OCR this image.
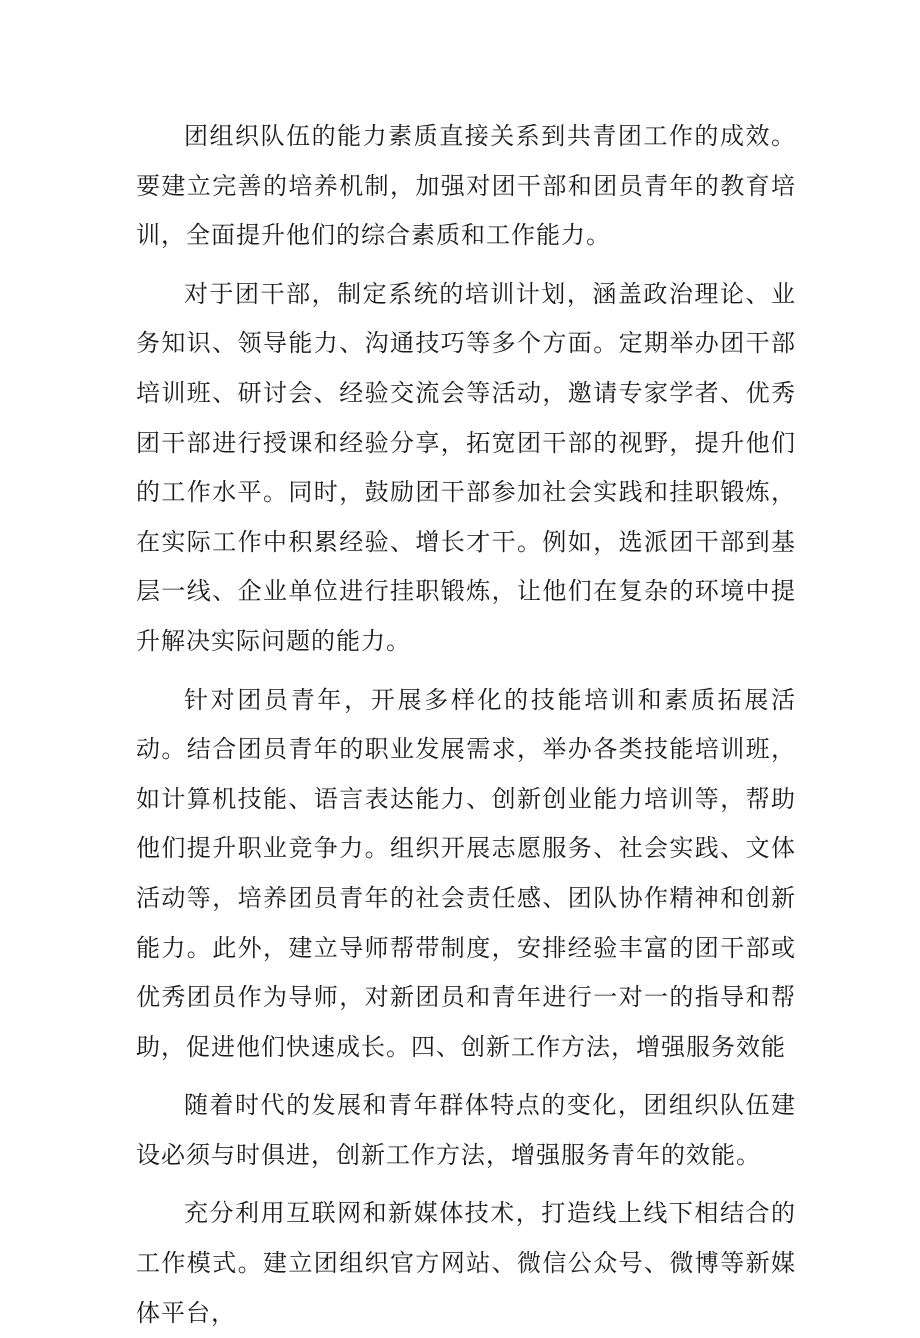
团组织队伍的能力素质直接关系到共青团工作的成效。要建立完善的培养机制，加强对团干部和团员青年的教育培训，全面提升他们的综合素质和工作能力。

对于团干部，制定系统的培训计划，涵盖政治理论、业务知识、领导能力、沟通技巧等多个方面。定期举办团干部培训班、研讨会、经验交流会等活动，邀请专家学者、优秀团干部进行授课和经验分享，拓宽团干部的视野，提升他们的工作水平。同时，鼓励团干部参加社会实践和挂职锻炼，在实际工作中积累经验、增长才干。例如，选派团干部到基层一线、企业单位进行挂职锻炼，让他们在复杂的环境中提升解决实际问题的能力。

针对团员青年，开展多样化的技能培训和素质拓展活动。结合团员青年的职业发展需求，举办各类技能培训班，如计算机技能、语言表达能力、创新创业能力培训等，帮助他们提升职业竞争力。组织开展志愿服务、社会实践、文体活动等，培养团员青年的社会责任感、团队协作精神和创新能力。此外，建立导师帮带制度，安排经验丰富的团干部或优秀团员作为导师，对新团员和青年进行一对一的指导和帮助，促进他们快速成长。四、创新工作方法，增强服务效能

随着时代的发展和青年群体特点的变化，团组织队伍建设必须与时俱进，创新工作方法，增强服务青年的效能。

充分利用互联网和新媒体技术，打造线上线下相结合的工作模式。建立团组织官方网站、微信公众号、微博等新媒体平台，
